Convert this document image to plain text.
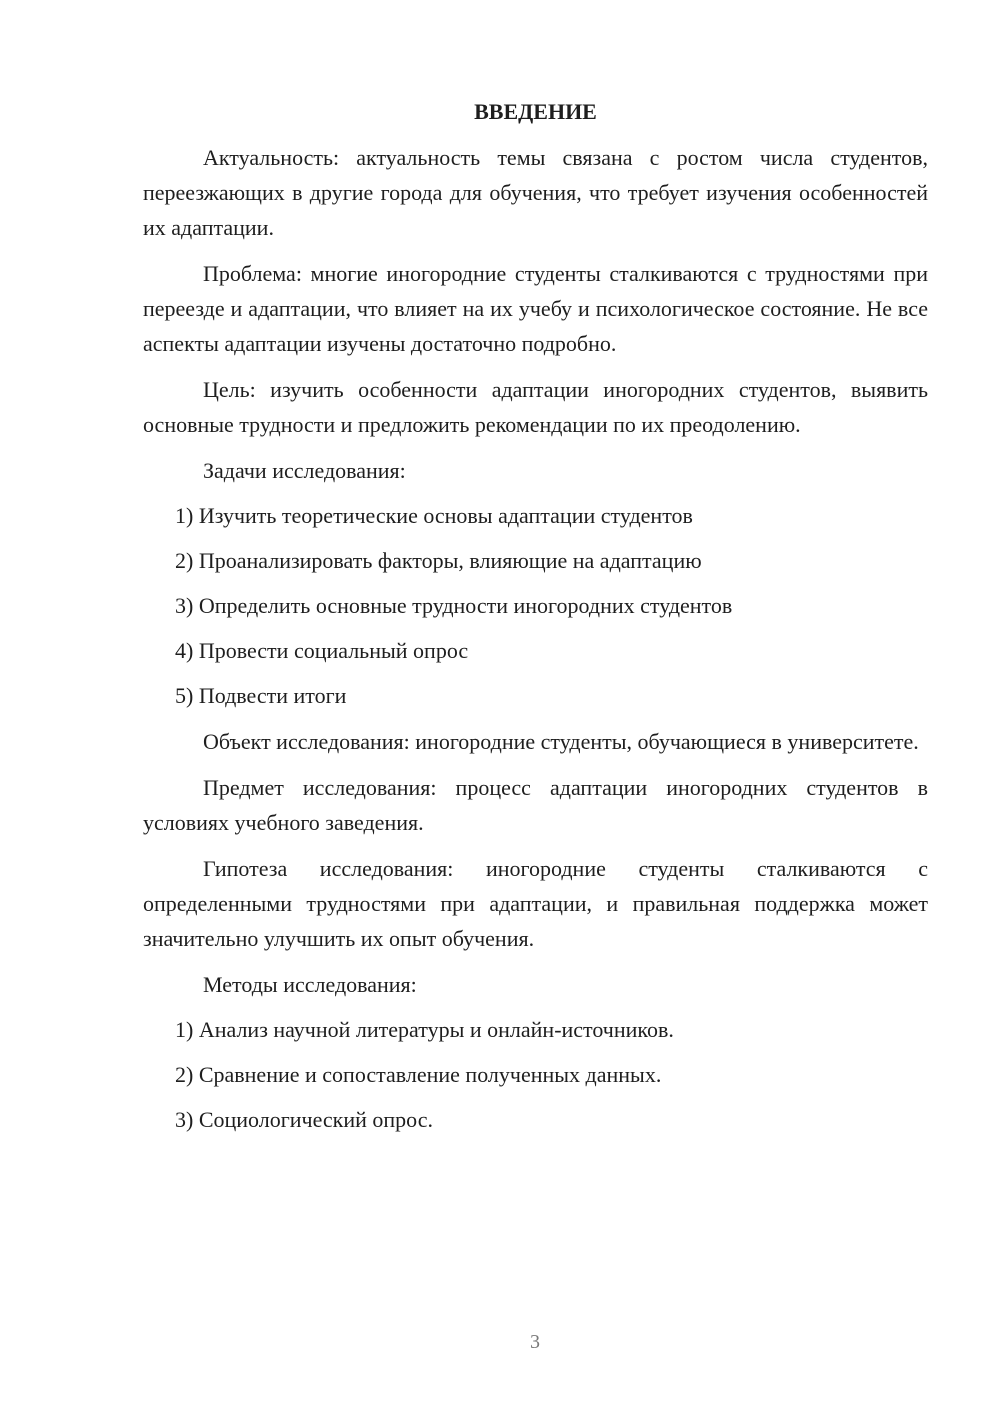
ВВЕДЕНИЕ

Актуальность: актуальность темы связана с ростом числа студентов, переезжающих в другие города для обучения, что требует изучения особенностей их адаптации.

Проблема: многие иногородние студенты сталкиваются с трудностями при переезде и адаптации, что влияет на их учебу и психологическое состояние. Не все аспекты адаптации изучены достаточно подробно.

Цель: изучить особенности адаптации иногородних студентов, выявить основные трудности и предложить рекомендации по их преодолению.

Задачи исследования:

1) Изучить теоретические основы адаптации студентов

2) Проанализировать факторы, влияющие на адаптацию

3) Определить основные трудности иногородних студентов

4) Провести социальный опрос

5) Подвести итоги

Объект исследования: иногородние студенты, обучающиеся в университете.

Предмет исследования: процесс адаптации иногородних студентов в условиях учебного заведения.

Гипотеза исследования: иногородние студенты сталкиваются с определенными трудностями при адаптации, и правильная поддержка может значительно улучшить их опыт обучения.

Методы исследования:

1) Анализ научной литературы и онлайн-источников.

2) Сравнение и сопоставление полученных данных.

3) Социологический опрос.

3
